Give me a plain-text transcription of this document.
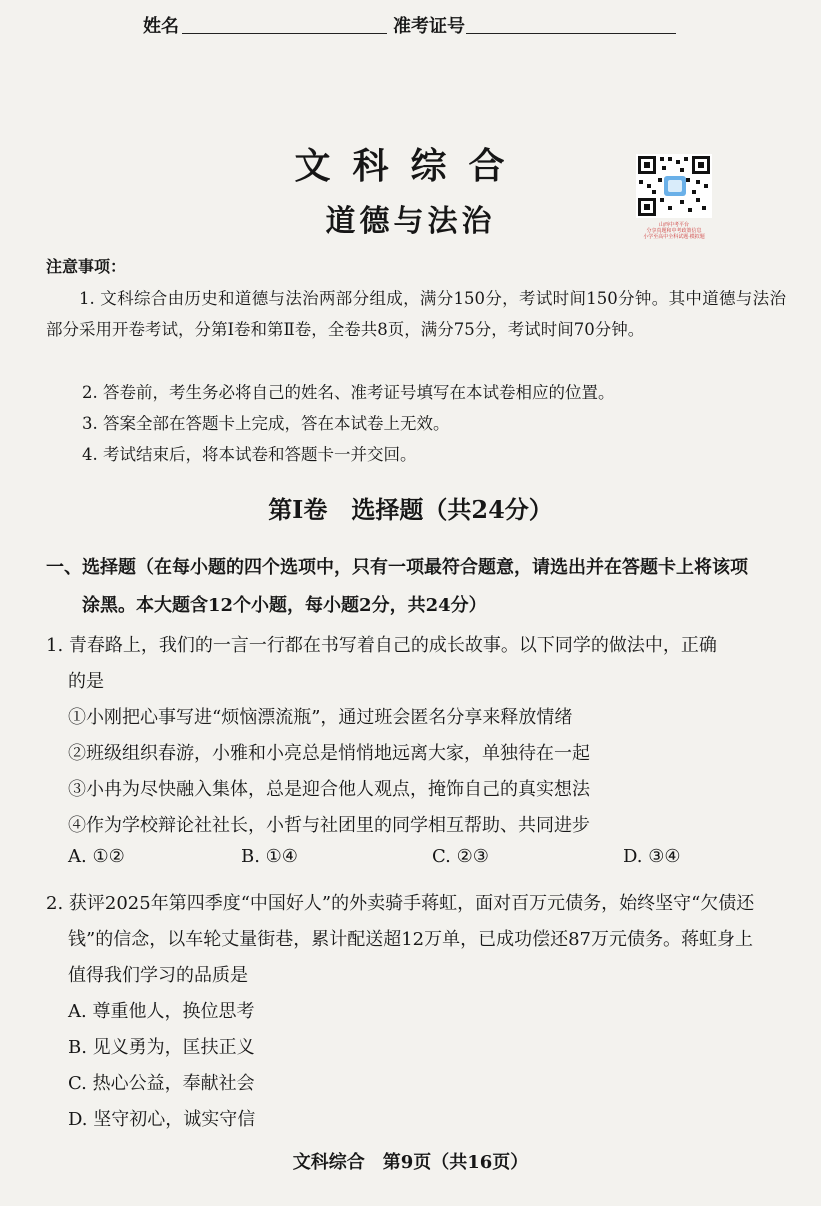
姓名	准考证号
文科综合
道德与法治	山西中考平台
分享真题和中考政策信息
小学至高中全科试题·模拟题
注意事项：
1. 文科综合由历史和道德与法治两部分组成，满分150分，考试时间150分钟。其中道德与法治部分采用开卷考试，分第Ⅰ卷和第Ⅱ卷，全卷共8页，满分75分，考试时间70分钟。
2. 答卷前，考生务必将自己的姓名、准考证号填写在本试卷相应的位置。
3. 答案全部在答题卡上完成，答在本试卷上无效。
4. 考试结束后，将本试卷和答题卡一并交回。
第Ⅰ卷　选择题（共24分）
一、选择题（在每小题的四个选项中，只有一项最符合题意，请选出并在答题卡上将该项
涂黑。本大题含12个小题，每小题2分，共24分）
1. 青春路上，我们的一言一行都在书写着自己的成长故事。以下同学的做法中，正确
的是
①小刚把心事写进“烦恼漂流瓶”，通过班会匿名分享来释放情绪
②班级组织春游，小雅和小亮总是悄悄地远离大家，单独待在一起
③小冉为尽快融入集体，总是迎合他人观点，掩饰自己的真实想法
④作为学校辩论社社长，小哲与社团里的同学相互帮助、共同进步
A. ①②	B. ①④	C. ②③	D. ③④
2. 获评2025年第四季度“中国好人”的外卖骑手蒋虹，面对百万元债务，始终坚守“欠债还
钱”的信念，以车轮丈量街巷，累计配送超12万单，已成功偿还87万元债务。蒋虹身上
值得我们学习的品质是
A. 尊重他人，换位思考
B. 见义勇为，匡扶正义
C. 热心公益，奉献社会
D. 坚守初心，诚实守信
文科综合　第9页（共16页）
